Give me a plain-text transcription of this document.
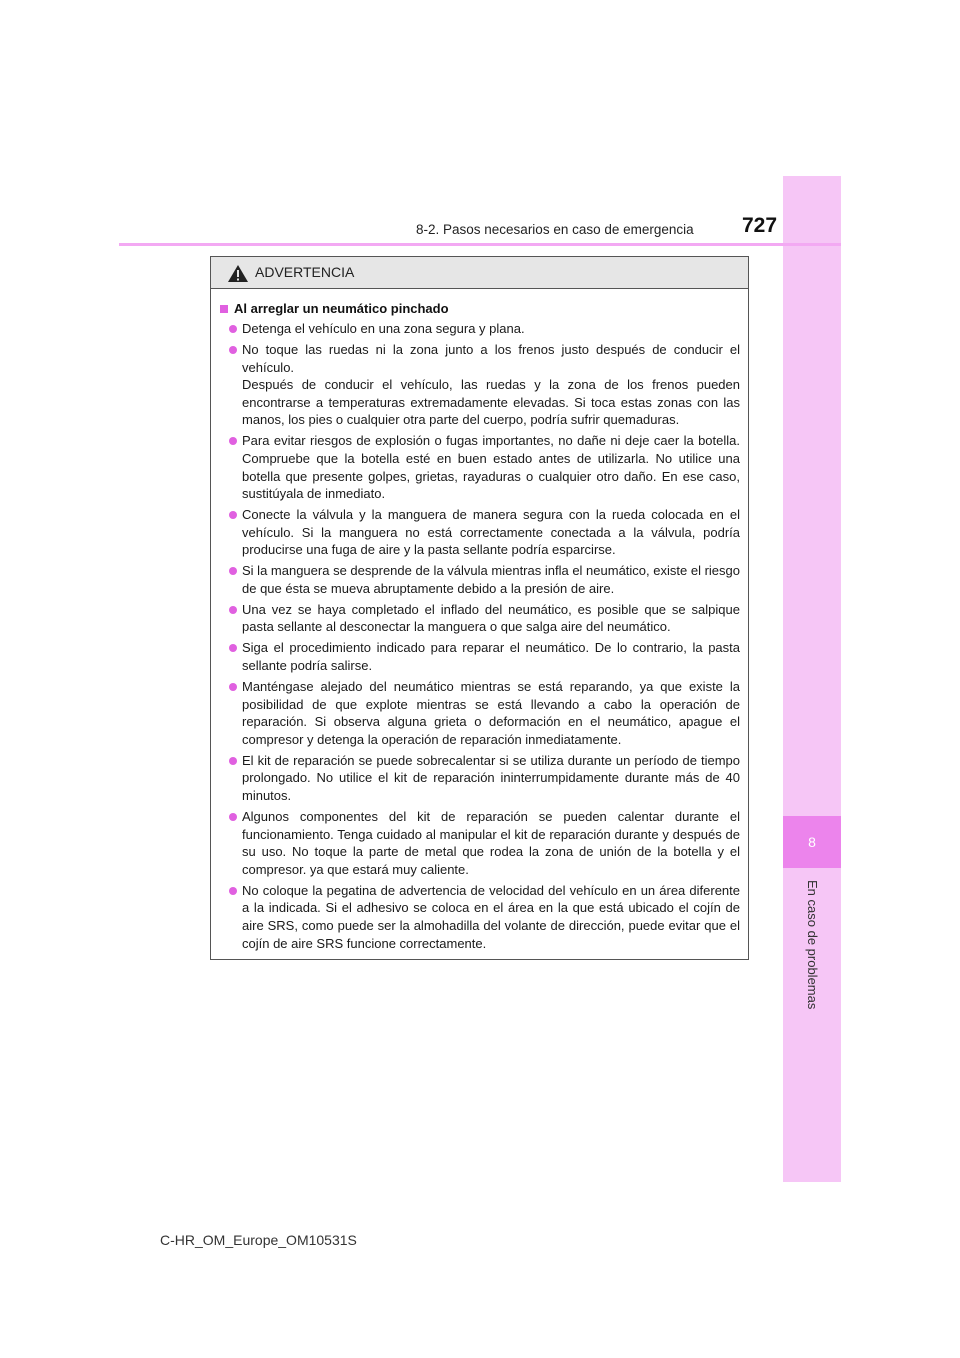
8
En caso de problemas
8-2. Pasos necesarios en caso de emergencia 727
ADVERTENCIA
Al arreglar un neumático pinchado

Detenga el vehículo en una zona segura y plana.

No toque las ruedas ni la zona junto a los frenos justo después de conducir el vehículo.

Después de conducir el vehículo, las ruedas y la zona de los frenos pueden encontrarse a temperaturas extremadamente elevadas. Si toca estas zonas con las manos, los pies o cualquier otra parte del cuerpo, podría sufrir quemaduras.

Para evitar riesgos de explosión o fugas importantes, no dañe ni deje caer la botella. Compruebe que la botella esté en buen estado antes de utilizarla. No utilice una botella que presente golpes, grietas, rayaduras o cualquier otro daño. En ese caso, sustitúyala de inmediato.

Conecte la válvula y la manguera de manera segura con la rueda colocada en el vehículo. Si la manguera no está correctamente conectada a la válvula, podría producirse una fuga de aire y la pasta sellante podría esparcirse.

Si la manguera se desprende de la válvula mientras infla el neumático, existe el riesgo de que ésta se mueva abruptamente debido a la presión de aire.

Una vez se haya completado el inflado del neumático, es posible que se salpique pasta sellante al desconectar la manguera o que salga aire del neumático.

Siga el procedimiento indicado para reparar el neumático. De lo contrario, la pasta sellante podría salirse.

Manténgase alejado del neumático mientras se está reparando, ya que existe la posibilidad de que explote mientras se está llevando a cabo la operación de reparación. Si observa alguna grieta o deformación en el neumático, apague el compresor y detenga la operación de reparación inmediatamente.

El kit de reparación se puede sobrecalentar si se utiliza durante un período de tiempo prolongado. No utilice el kit de reparación ininterrumpidamente durante más de 40 minutos.

Algunos componentes del kit de reparación se pueden calentar durante el funcionamiento. Tenga cuidado al manipular el kit de reparación durante y después de su uso. No toque la parte de metal que rodea la zona de unión de la botella y el compresor. ya que estará muy caliente.

No coloque la pegatina de advertencia de velocidad del vehículo en un área diferente a la indicada. Si el adhesivo se coloca en el área en la que está ubicado el cojín de aire SRS, como puede ser la almohadilla del volante de dirección, puede evitar que el cojín de aire SRS funcione correctamente.

C-HR_OM_Europe_OM10531S
